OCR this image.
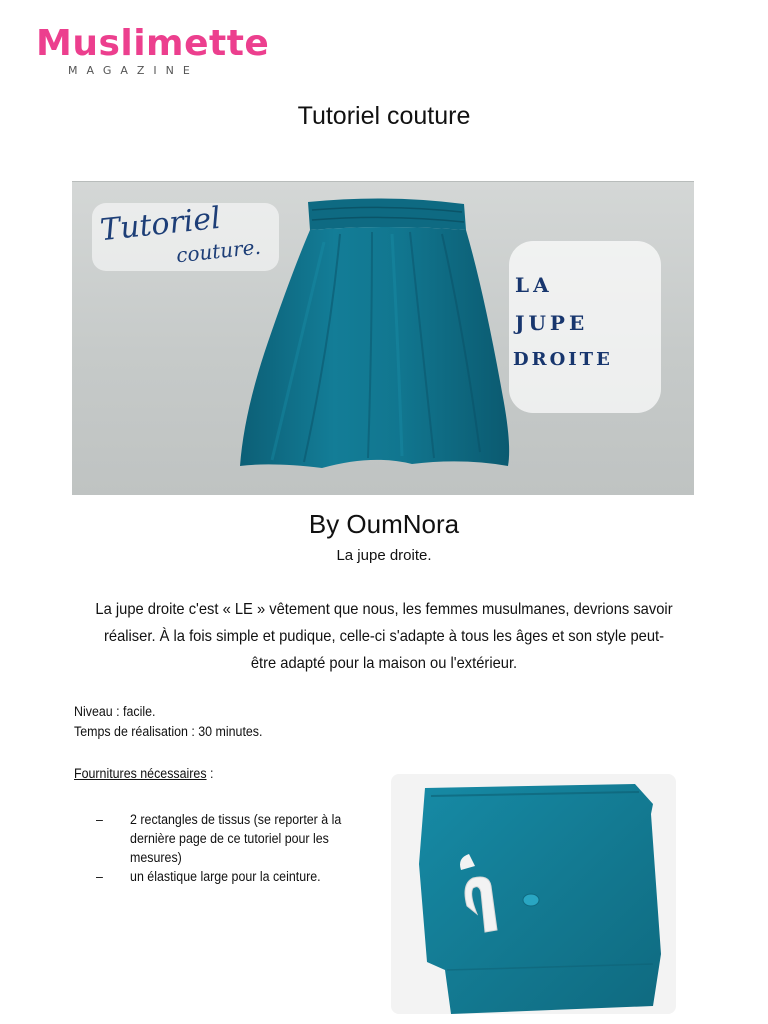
Muslimette
MAGAZINE
Tutoriel couture
Tutoriel
couture.
LA
JUPE
DROITE
By OumNora
La jupe droite.
La jupe droite c'est « LE » vêtement que nous, les femmes musulmanes, devrions savoir réaliser. À la fois simple et pudique, celle-ci s'adapte à tous les âges et son style peut-être adapté pour la maison ou l'extérieur.
Niveau : facile.
Temps de réalisation : 30 minutes.
Fournitures nécessaires :
– 2 rectangles de tissus (se reporter à la dernière page de ce tutoriel pour les mesures)
– un élastique large pour la ceinture.
